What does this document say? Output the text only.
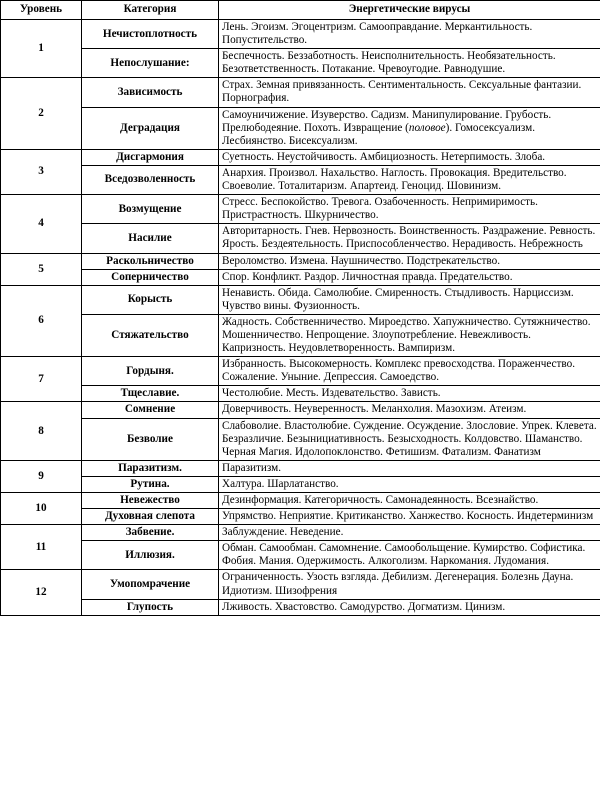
Уровень	Категория	Энергетические вирусы
1	Нечистоплотность	Лень. Эгоизм. Эгоцентризм. Самооправдание. Меркантильность. Попустительство.
	Непослушание:	Беспечность. Беззаботность. Неисполнительность. Необязательность. Безответственность. Потакание. Чревоугодие. Равнодушие.
2	Зависимость	Страх. Земная привязанность. Сентиментальность. Сексуальные фантазии. Порнография.
	Деградация	Самоуничижение. Изуверство. Садизм. Манипулирование. Грубость. Прелюбодеяние. Похоть. Извращение (половое). Гомосексуализм. Лесбиянство. Бисексуализм.
3	Дисгармония	Суетность. Неустойчивость. Амбициозность. Нетерпимость. Злоба.
	Вседозволенность	Анархия. Произвол. Нахальство. Наглость. Провокация. Вредительство. Своеволие. Тоталитаризм. Апартеид. Геноцид. Шовинизм.
4	Возмущение	Стресс. Беспокойство. Тревога. Озабоченность. Непримиримость. Пристрастность. Шкурничество.
	Насилие	Авторитарность. Гнев. Нервозность. Воинственность. Раздражение. Ревность. Ярость. Бездеятельность. Приспособленчество. Нерадивость. Небрежность
5	Раскольничество	Вероломство. Измена. Наушничество. Подстрекательство.
	Соперничество	Спор. Конфликт. Раздор. Личностная правда. Предательство.
6	Корысть	Ненависть. Обида. Самолюбие. Смиренность. Стыдливость. Нарциссизм. Чувство вины. Фузионность.
	Стяжательство	Жадность. Собственничество. Мироедство. Хапужничество. Сутяжничество. Мошенничество. Непрощение. Злоупотребление. Невежливость. Капризность. Неудовлетворенность. Вампиризм.
7	Гордыня.	Избранность. Высокомерность. Комплекс превосходства. Пораженчество. Сожаление. Уныние. Депрессия. Самоедство.
	Тщеславие.	Честолюбие. Месть. Издевательство. Зависть.
8	Сомнение	Доверчивость. Неуверенность. Меланхолия. Мазохизм. Атеизм.
	Безволие	Слабоволие. Властолюбие. Суждение. Осуждение. Злословие. Упрек. Клевета. Безразличие. Безынициативность. Безысходность. Колдовство. Шаманство. Черная Магия. Идолопоклонство. Фетишизм. Фатализм. Фанатизм
9	Паразитизм.	Паразитизм.
	Рутина.	Халтура. Шарлатанство.
10	Невежество	Дезинформация. Категоричность. Самонадеянность. Всезнайство.
	Духовная слепота	Упрямство. Неприятие. Критиканство. Ханжество. Косность. Индетерминизм
11	Забвение.	Заблуждение. Неведение.
	Иллюзия.	Обман. Самообман. Самомнение. Самообольщение. Кумирство. Софистика. Фобия. Мания. Одержимость. Алкоголизм. Наркомания. Лудомания.
12	Умопомрачение	Ограниченность. Узость взгляда. Дебилизм. Дегенерация. Болезнь Дауна. Идиотизм. Шизофрения
	Глупость	Лживость. Хвастовство. Самодурство. Догматизм. Цинизм.
